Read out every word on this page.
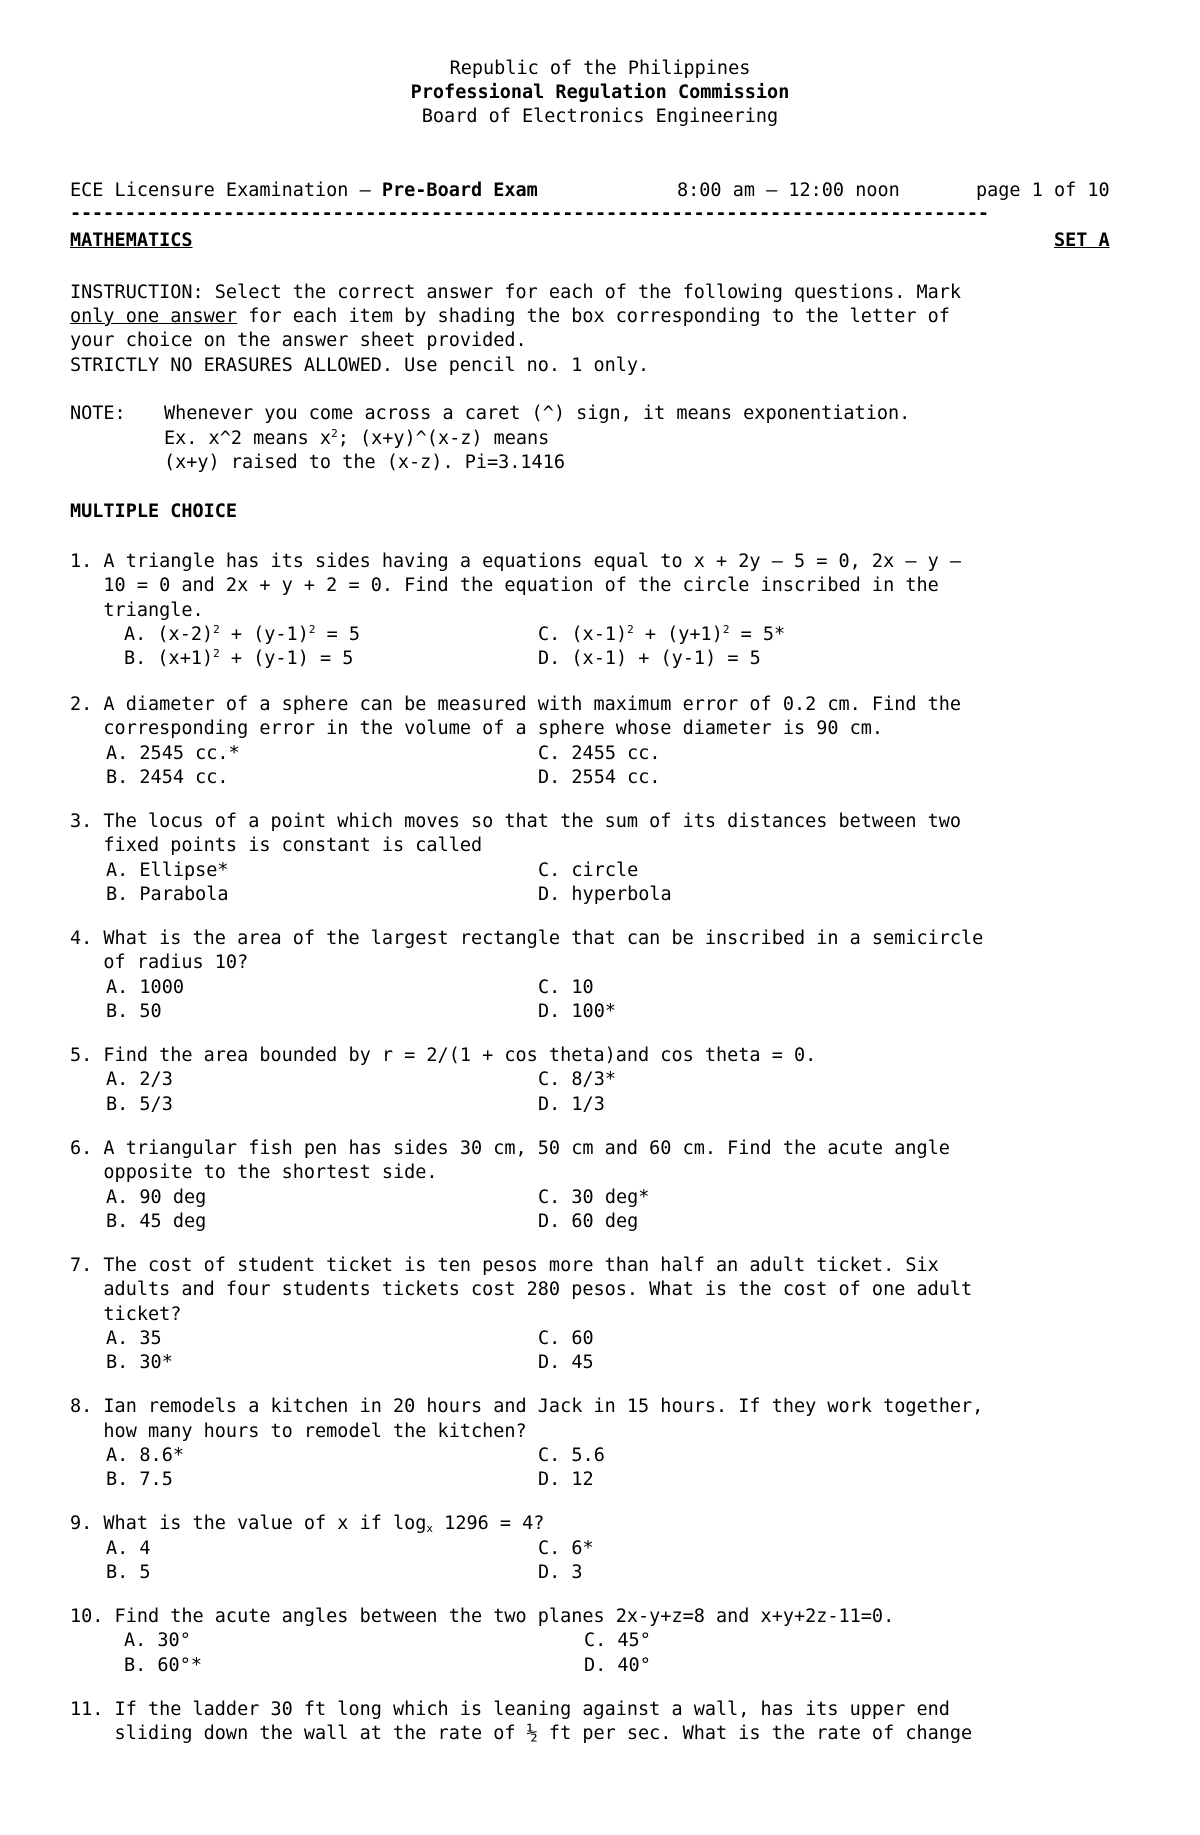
Republic of the Philippines
Professional Regulation Commission
Board of Electronics Engineering
ECE Licensure Examination – Pre-Board Exam	8:00 am – 12:00 noon	page 1 of 10
------------------------------------------------------------------------------------
MATHEMATICS	SET A
INSTRUCTION: Select the correct answer for each of the following questions. Mark
only one answer for each item by shading the box corresponding to the letter of
your choice on the answer sheet provided.
STRICTLY NO ERASURES ALLOWED. Use pencil no. 1 only.
NOTE: Whenever you come across a caret (^) sign, it means exponentiation.
Ex. x^2 means $x^2$; (x+y)^(x-z) means
(x+y) raised to the (x-z). Pi=3.1416
MULTIPLE CHOICE
1. A triangle has its sides having a equations equal to x + 2y – 5 = 0, 2x – y –
10 = 0 and 2x + y + 2 = 0. Find the equation of the circle inscribed in the
triangle.
A. $(x-2)^2 + (y-1)^2 = 5$	C. $(x-1)^2 + (y+1)^2 = 5*$
B. $(x+1)^2 + (y-1) = 5$	D. (x-1) + (y-1) = 5
2. A diameter of a sphere can be measured with maximum error of 0.2 cm. Find the
corresponding error in the volume of a sphere whose diameter is 90 cm.
A. 2545 cc.*	C. 2455 cc.
B. 2454 cc.	D. 2554 cc.
3. The locus of a point which moves so that the sum of its distances between two
fixed points is constant is called
A. Ellipse*	C. circle
B. Parabola	D. hyperbola
4. What is the area of the largest rectangle that can be inscribed in a semicircle
of radius 10?
A. 1000	C. 10
B. 50	D. 100*
5. Find the area bounded by r = 2/(1 + cos theta)and cos theta = 0.
A. 2/3	C. 8/3*
B. 5/3	D. 1/3
6. A triangular fish pen has sides 30 cm, 50 cm and 60 cm. Find the acute angle
opposite to the shortest side.
A. 90 deg	C. 30 deg*
B. 45 deg	D. 60 deg
7. The cost of student ticket is ten pesos more than half an adult ticket. Six
adults and four students tickets cost 280 pesos. What is the cost of one adult
ticket?
A. 35	C. 60
B. 30*	D. 45
8. Ian remodels a kitchen in 20 hours and Jack in 15 hours. If they work together,
how many hours to remodel the kitchen?
A. 8.6*	C. 5.6
B. 7.5	D. 12
9. What is the value of x if $\log_x 1296 = 4$?
A. 4	C. 6*
B. 5	D. 3
10. Find the acute angles between the two planes 2x-y+z=8 and x+y+2z-11=0.
A. 30°	C. 45°
B. 60°*	D. 40°
11. If the ladder 30 ft long which is leaning against a wall, has its upper end
sliding down the wall at the rate of ½ ft per sec. What is the rate of change
